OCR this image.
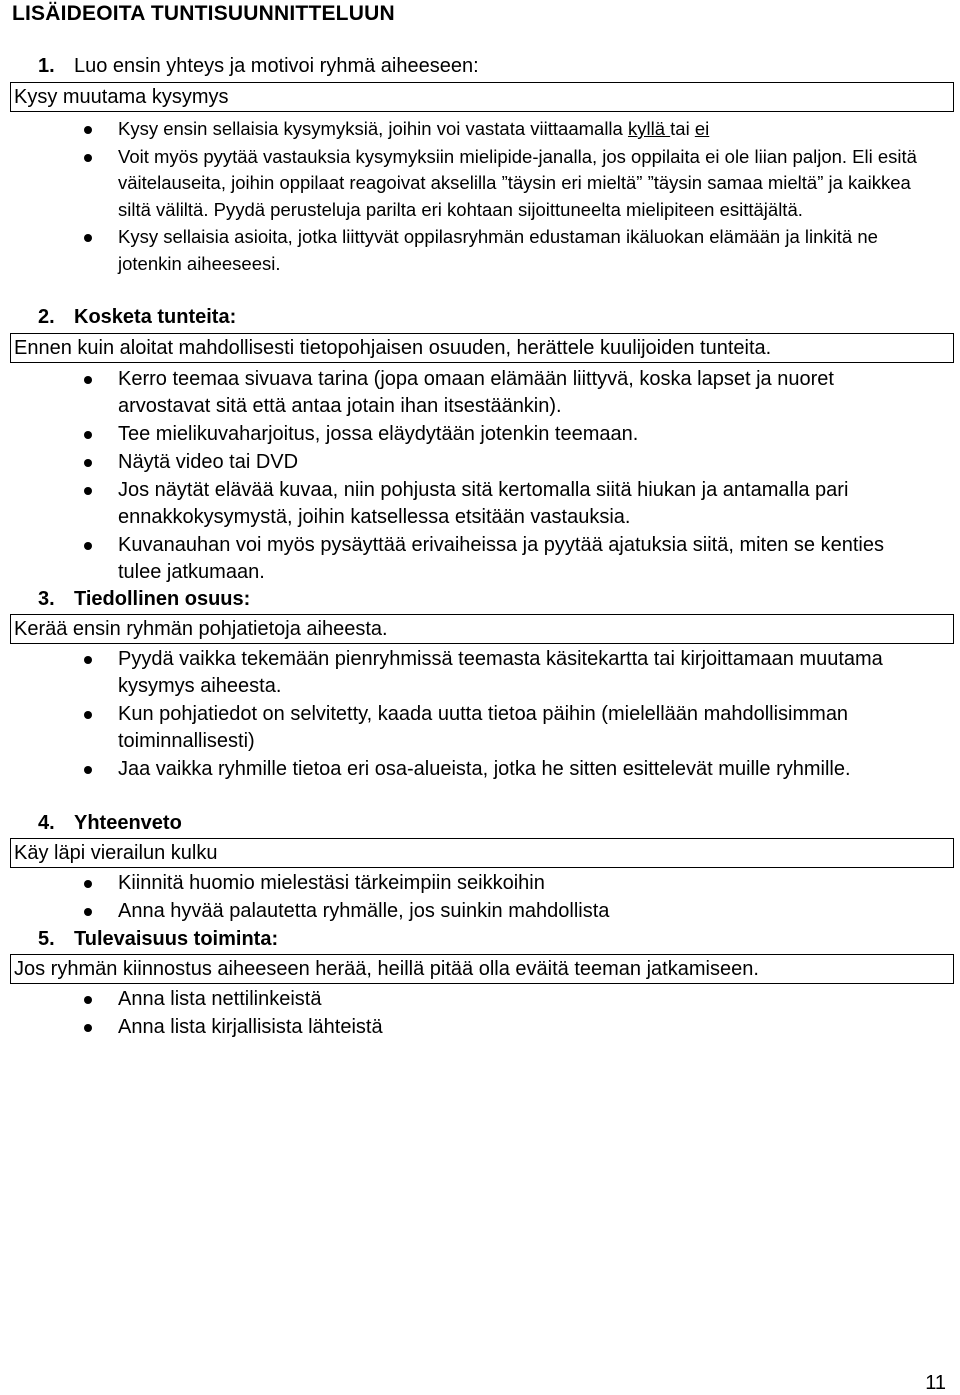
LISÄIDEOITA TUNTISUUNNITTELUUN
1. Luo ensin yhteys ja motivoi ryhmä aiheeseen:
Kysy muutama kysymys
Kysy ensin sellaisia kysymyksiä, joihin voi vastata viittaamalla kyllä tai ei
Voit myös pyytää vastauksia kysymyksiin mielipide-janalla, jos oppilaita ei ole liian paljon. Eli esitä väitelauseita, joihin oppilaat reagoivat akselilla ”täysin eri mieltä” ”täysin samaa mieltä” ja kaikkea siltä väliltä. Pyydä perusteluja parilta eri kohtaan sijoittuneelta mielipiteen esittäjältä.
Kysy sellaisia asioita, jotka liittyvät oppilasryhmän edustaman ikäluokan elämään ja linkitä ne jotenkin aiheeseesi.
2. Kosketa tunteita:
Ennen kuin aloitat mahdollisesti tietopohjaisen osuuden, herättele kuulijoiden tunteita.
Kerro teemaa sivuava tarina (jopa omaan elämään liittyvä, koska lapset ja nuoret arvostavat sitä että antaa jotain ihan itsestäänkin).
Tee mielikuvaharjoitus, jossa eläydytään jotenkin teemaan.
Näytä video tai DVD
Jos näytät elävää kuvaa, niin pohjusta sitä kertomalla siitä hiukan ja antamalla pari ennakkokysymystä, joihin katsellessa etsitään vastauksia.
Kuvanauhan voi myös pysäyttää erivaiheissa ja pyytää ajatuksia siitä, miten se kenties tulee jatkumaan.
3. Tiedollinen osuus:
Kerää ensin ryhmän pohjatietoja aiheesta.
Pyydä vaikka tekemään pienryhmissä teemasta käsitekartta tai kirjoittamaan muutama kysymys aiheesta.
Kun pohjatiedot on selvitetty, kaada uutta tietoa päihin (mielellään mahdollisimman toiminnallisesti)
Jaa vaikka ryhmille tietoa eri osa-alueista, jotka he sitten esittelevät muille ryhmille.
4. Yhteenveto
Käy läpi vierailun kulku
Kiinnitä huomio mielestäsi tärkeimpiin seikkoihin
Anna hyvää palautetta ryhmälle, jos suinkin mahdollista
5. Tulevaisuus toiminta:
Jos ryhmän kiinnostus aiheeseen herää, heillä pitää olla eväitä teeman jatkamiseen.
Anna lista nettilinkeistä
Anna lista kirjallisista lähteistä
11
